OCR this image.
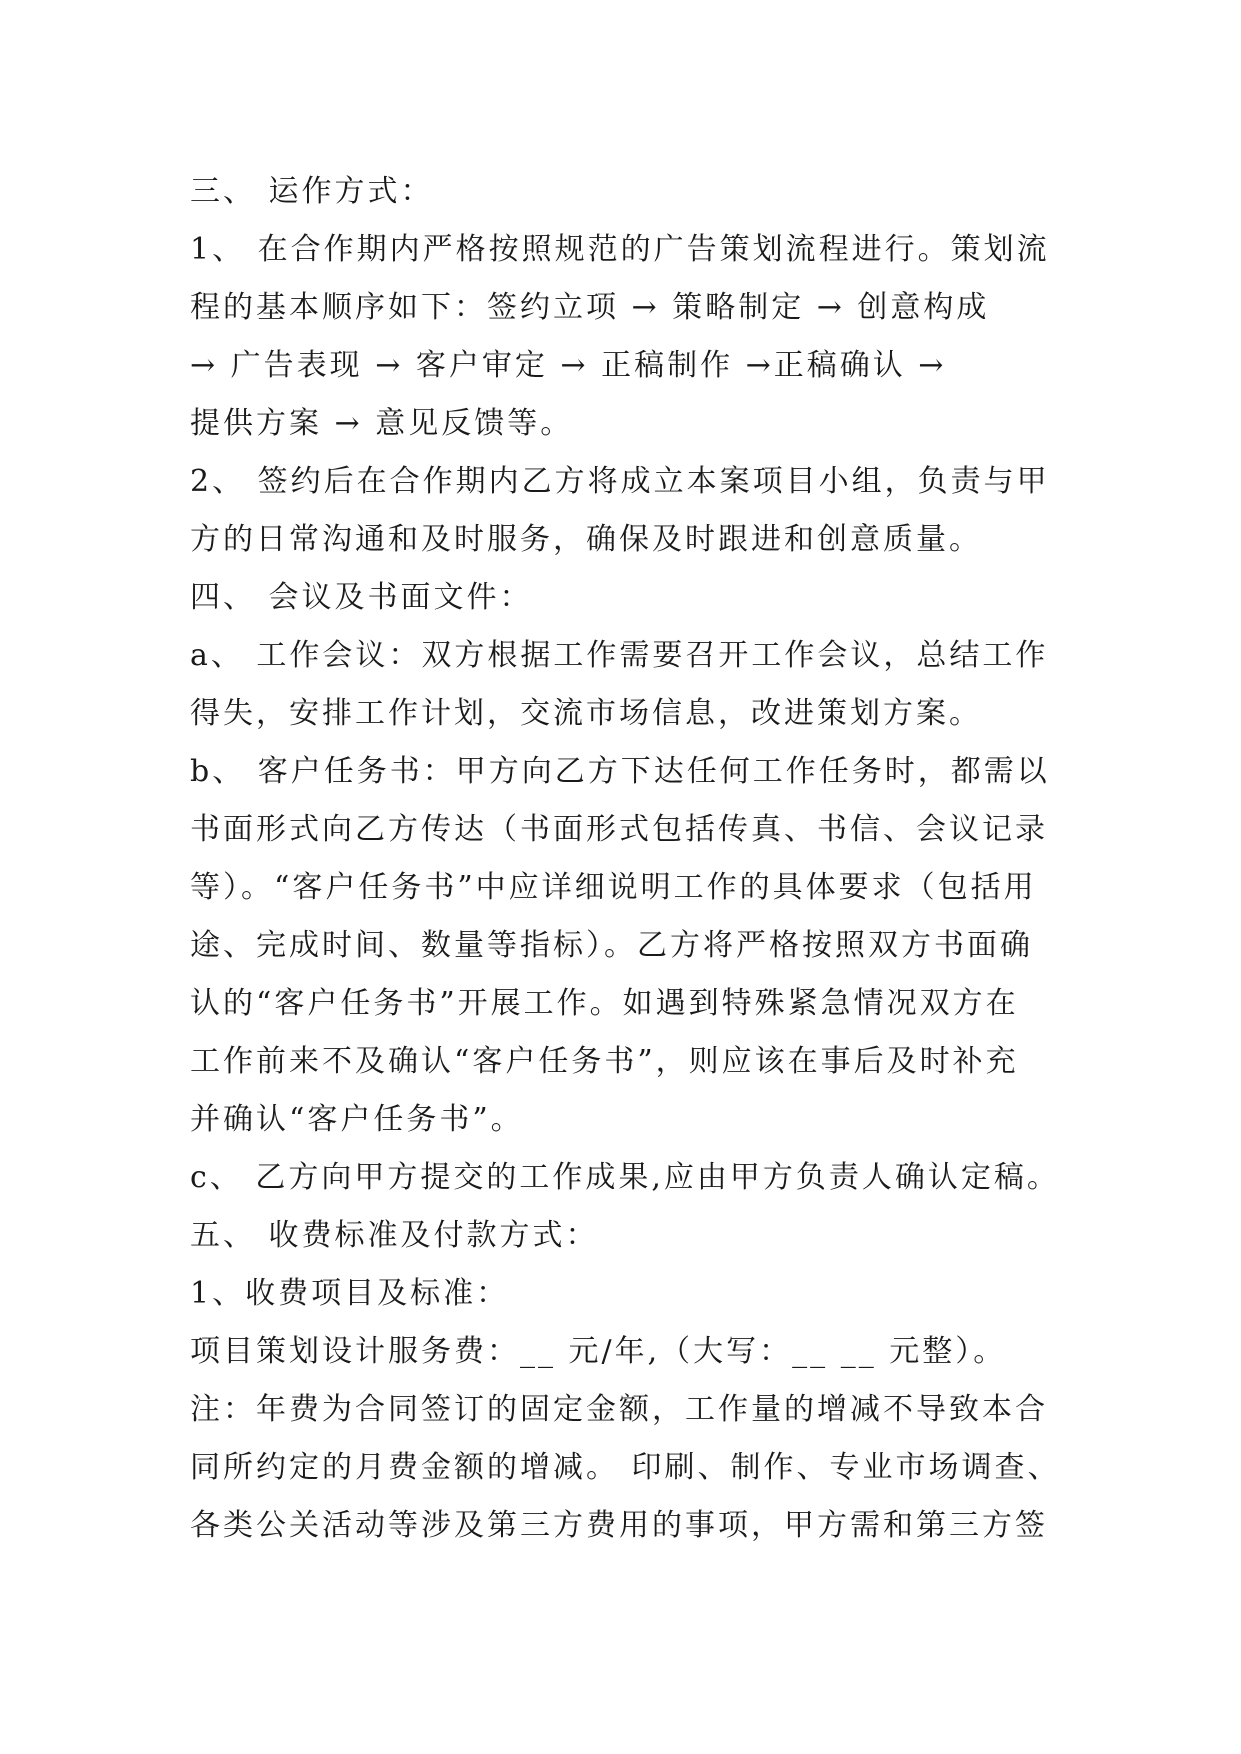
三、 运作方式：
1、 在合作期内严格按照规范的广告策划流程进行。策划流
程的基本顺序如下：签约立项 → 策略制定 → 创意构成
→ 广告表现 → 客户审定 → 正稿制作 →正稿确认 →
提供方案 → 意见反馈等。
2、 签约后在合作期内乙方将成立本案项目小组，负责与甲
方的日常沟通和及时服务，确保及时跟进和创意质量。
四、 会议及书面文件：
a、 工作会议：双方根据工作需要召开工作会议，总结工作
得失，安排工作计划，交流市场信息，改进策划方案。
b、 客户任务书：甲方向乙方下达任何工作任务时，都需以
书面形式向乙方传达（书面形式包括传真、书信、会议记录
等）。“客户任务书”中应详细说明工作的具体要求（包括用
途、完成时间、数量等指标）。乙方将严格按照双方书面确
认的“客户任务书”开展工作。如遇到特殊紧急情况双方在
工作前来不及确认“客户任务书”，则应该在事后及时补充
并确认“客户任务书”。
c、 乙方向甲方提交的工作成果,应由甲方负责人确认定稿。
五、 收费标准及付款方式：
1、收费项目及标准：
项目策划设计服务费：__ 元/年,（大写：__ __ 元整）。
注：年费为合同签订的固定金额，工作量的增减不导致本合
同所约定的月费金额的增减。 印刷、制作、专业市场调查、
各类公关活动等涉及第三方费用的事项，甲方需和第三方签
